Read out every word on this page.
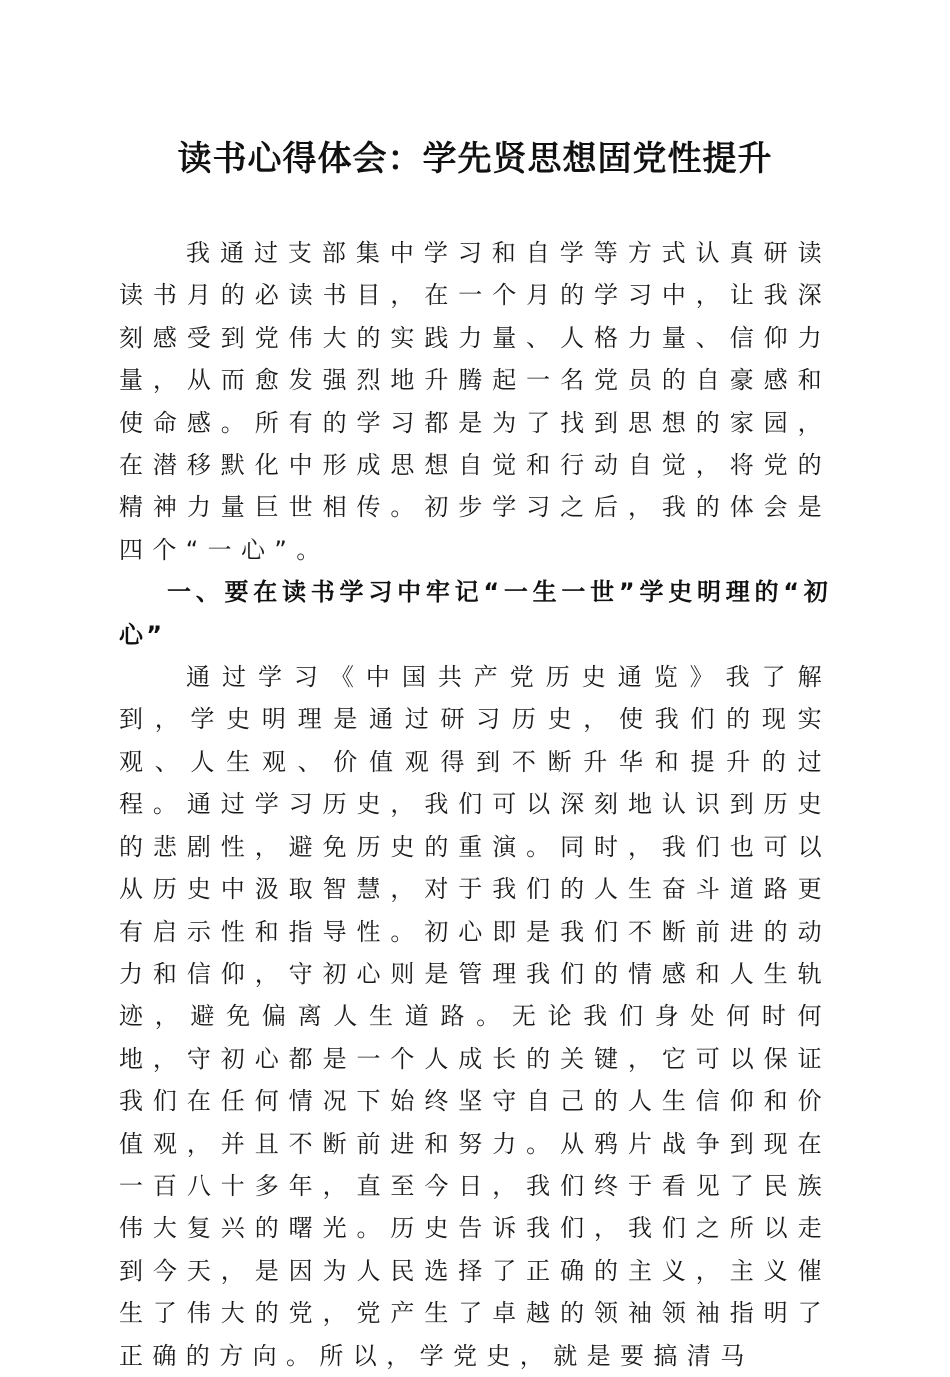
读书心得体会：学先贤思想固党性提升

我通过支部集中学习和自学等方式认真研读读书月的必读书目，在一个月的学习中，让我深刻感受到党伟大的实践力量、人格力量、信仰力量，从而愈发强烈地升腾起一名党员的自豪感和使命感。所有的学习都是为了找到思想的家园，在潜移默化中形成思想自觉和行动自觉，将党的精神力量巨世相传。初步学习之后，我的体会是四个“一心”。

一、要在读书学习中牢记“一生一世”学史明理的“初心”

通过学习《中国共产党历史通览》我了解到，学史明理是通过研习历史，使我们的现实观、人生观、价值观得到不断升华和提升的过程。通过学习历史，我们可以深刻地认识到历史的悲剧性，避免历史的重演。同时，我们也可以从历史中汲取智慧，对于我们的人生奋斗道路更有启示性和指导性。初心即是我们不断前进的动力和信仰，守初心则是管理我们的情感和人生轨迹，避免偏离人生道路。无论我们身处何时何地，守初心都是一个人成长的关键，它可以保证我们在任何情况下始终坚守自己的人生信仰和价值观，并且不断前进和努力。从鸦片战争到现在一百八十多年，直至今日，我们终于看见了民族伟大复兴的曙光。历史告诉我们，我们之所以走到今天，是因为人民选择了正确的主义，主义催生了伟大的党，党产生了卓越的领袖领袖指明了正确的方向。所以，学党史，就是要搞清马
